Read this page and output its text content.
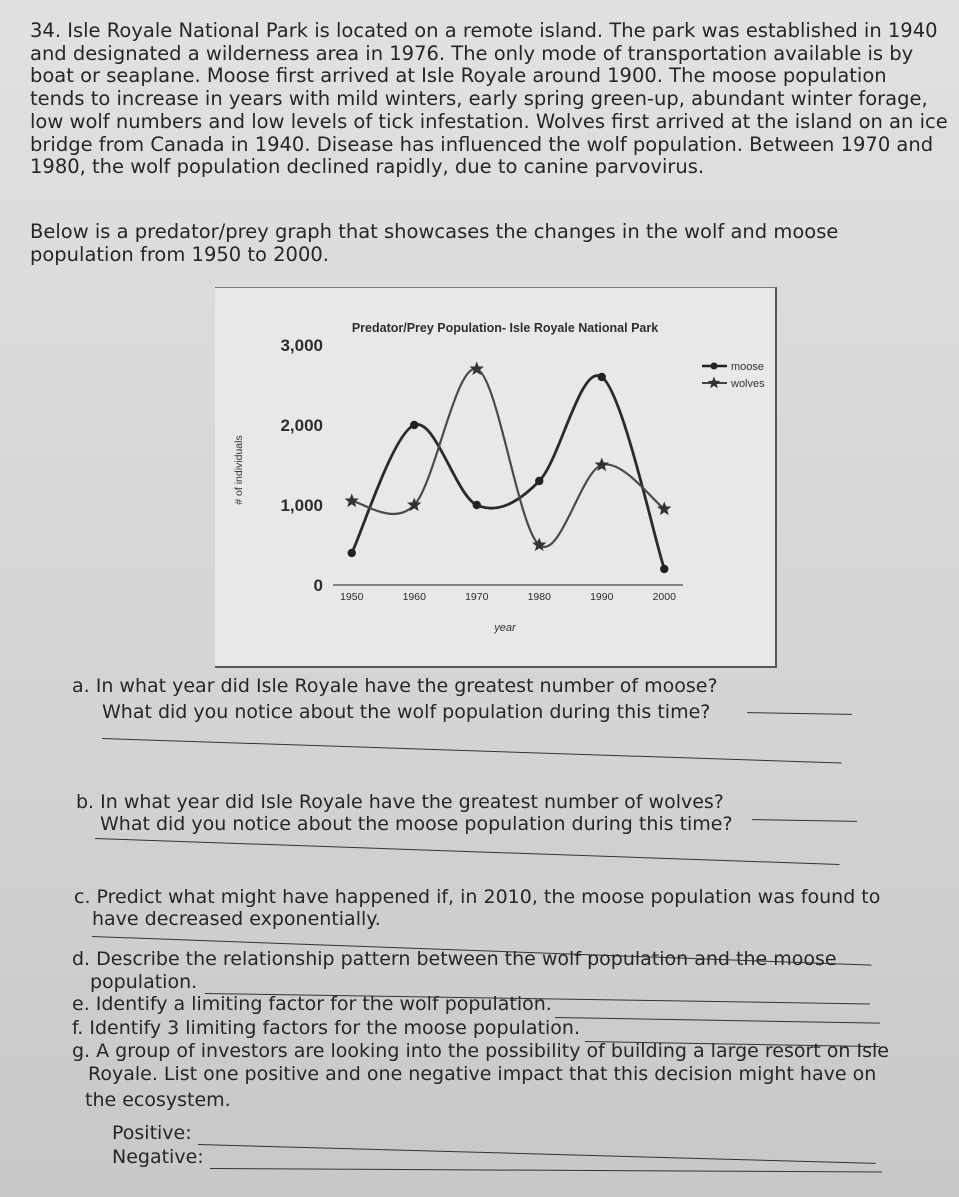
34. Isle Royale National Park is located on a remote island. The park was established in 1940
and designated a wilderness area in 1976. The only mode of transportation available is by
boat or seaplane. Moose first arrived at Isle Royale around 1900. The moose population
tends to increase in years with mild winters, early spring green-up, abundant winter forage,
low wolf numbers and low levels of tick infestation. Wolves first arrived at the island on an ice
bridge from Canada in 1940. Disease has influenced the wolf population. Between 1970 and
1980, the wolf population declined rapidly, due to canine parvovirus.
Below is a predator/prey graph that showcases the changes in the wolf and moose
population from 1950 to 2000.
Predator/Prey Population- Isle Royale National Park
0
1,000
2,000
3,000
1950	1960	1970	1980	1990	2000
# of individuals
year
moose
wolves
a. In what year did Isle Royale have the greatest number of moose?
What did you notice about the wolf population during this time?
b. In what year did Isle Royale have the greatest number of wolves?
What did you notice about the moose population during this time?
c. Predict what might have happened if, in 2010, the moose population was found to
have decreased exponentially.
d. Describe the relationship pattern between the wolf population and the moose
population.
e. Identify a limiting factor for the wolf population.
f. Identify 3 limiting factors for the moose population.
g. A group of investors are looking into the possibility of building a large resort on Isle
Royale. List one positive and one negative impact that this decision might have on
the ecosystem.
Positive:
Negative:
